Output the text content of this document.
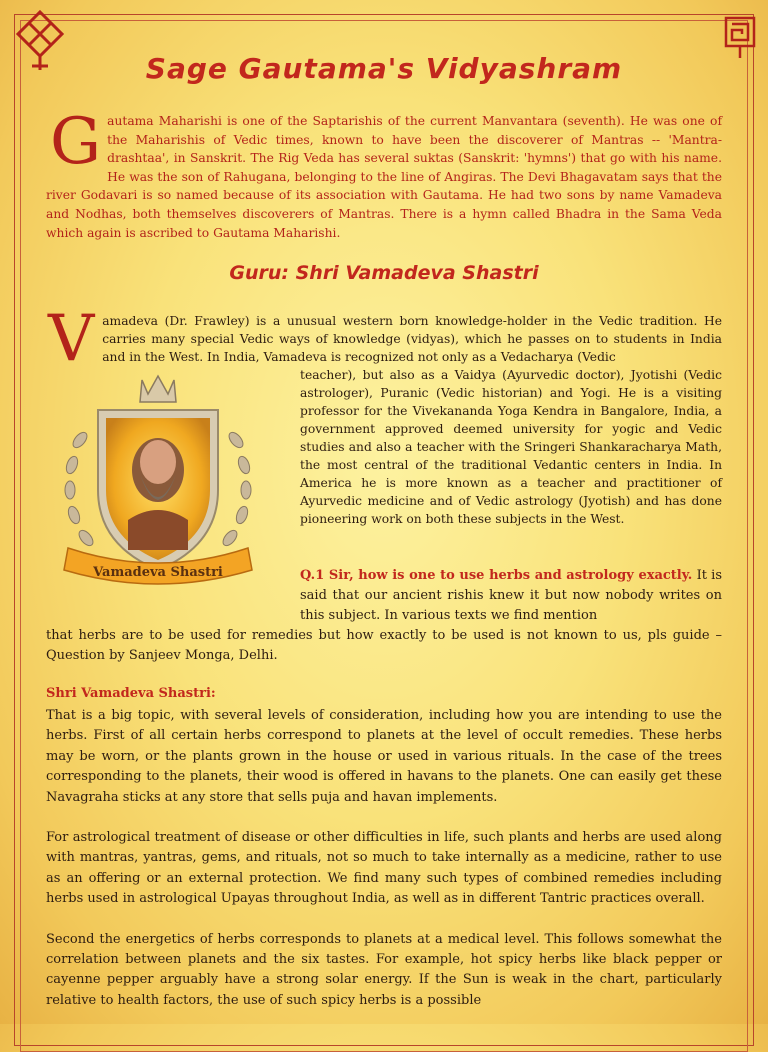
Sage Gautama's Vidyashram
G autama Maharishi is one of the Saptarishis of the current Manvantara (seventh). He was one of the Maharishis of Vedic times, known to have been the discoverer of Mantras -- 'Mantra-drashtaa', in Sanskrit. The Rig Veda has several suktas (Sanskrit: 'hymns') that go with his name. He was the son of Rahugana, belonging to the line of Angiras. The Devi Bhagavatam says that the river Godavari is so named because of its association with Gautama. He had two sons by name Vamadeva and Nodhas, both themselves discoverers of Mantras. There is a hymn called Bhadra in the Sama Veda which again is ascribed to Gautama Maharishi.
Guru: Shri Vamadeva Shastri
V amadeva (Dr. Frawley) is a unusual western born knowledge-holder in the Vedic tradition. He carries many special Vedic ways of knowledge (vidyas), which he passes on to students in India and in the West. In India, Vamadeva is recognized not only as a Vedacharya (Vedic
Vamadeva Shastri
teacher), but also as a Vaidya (Ayurvedic doctor), Jyotishi (Vedic astrologer), Puranic (Vedic historian) and Yogi. He is a visiting professor for the Vivekananda Yoga Kendra in Bangalore, India, a government approved deemed university for yogic and Vedic studies and also a teacher with the Sringeri Shankaracharya Math, the most central of the traditional Vedantic centers in India. In America he is more known as a teacher and practitioner of Ayurvedic medicine and of Vedic astrology (Jyotish) and has done pioneering work on both these subjects in the West.
Q.1 Sir, how is one to use herbs and astrology exactly. It is said that our ancient rishis knew it but now nobody writes on this subject. In various texts we find mention
that herbs are to be used for remedies but how exactly to be used is not known to us, pls guide – Question by Sanjeev Monga, Delhi.
Shri Vamadeva Shastri:

That is a big topic, with several levels of consideration, including how you are intending to use the herbs. First of all certain herbs correspond to planets at the level of occult remedies. These herbs may be worn, or the plants grown in the house or used in various rituals. In the case of the trees corresponding to the planets, their wood is offered in havans to the planets. One can easily get these Navagraha sticks at any store that sells puja and havan implements.

For astrological treatment of disease or other difficulties in life, such plants and herbs are used along with mantras, yantras, gems, and rituals, not so much to take internally as a medicine, rather to use as an offering or an external protection. We find many such types of combined remedies including herbs used in astrological Upayas throughout India, as well as in different Tantric practices overall.

Second the energetics of herbs corresponds to planets at a medical level. This follows somewhat the correlation between planets and the six tastes. For example, hot spicy herbs like black pepper or cayenne pepper arguably have a strong solar energy. If the Sun is weak in the chart, particularly relative to health factors, the use of such spicy herbs is a possible
